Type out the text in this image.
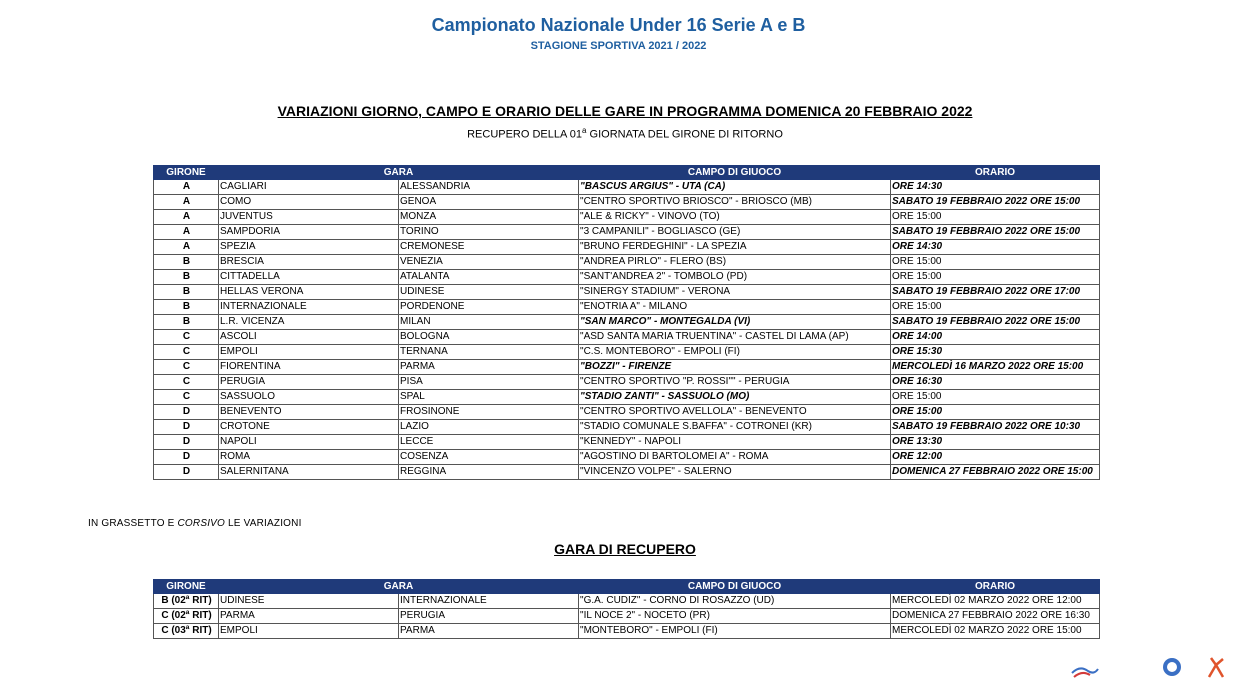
Campionato Nazionale Under 16 Serie A e B
STAGIONE SPORTIVA 2021 / 2022
VARIAZIONI GIORNO, CAMPO E ORARIO DELLE GARE IN PROGRAMMA DOMENICA 20 FEBBRAIO 2022
RECUPERO DELLA 01$^a$ GIORNATA DEL GIRONE DI RITORNO
GIRONE	GARA		CAMPO DI GIUOCO	ORARIO
A	CAGLIARI	ALESSANDRIA	"BASCUS ARGIUS" - UTA (CA)	ORE 14:30
A	COMO	GENOA	"CENTRO SPORTIVO BRIOSCO" - BRIOSCO (MB)	SABATO 19 FEBBRAIO 2022 ORE 15:00
A	JUVENTUS	MONZA	"ALE & RICKY" - VINOVO (TO)	ORE 15:00
A	SAMPDORIA	TORINO	"3 CAMPANILI" - BOGLIASCO (GE)	SABATO 19 FEBBRAIO 2022 ORE 15:00
A	SPEZIA	CREMONESE	"BRUNO FERDEGHINI" - LA SPEZIA	ORE 14:30
B	BRESCIA	VENEZIA	"ANDREA PIRLO" - FLERO (BS)	ORE 15:00
B	CITTADELLA	ATALANTA	"SANT'ANDREA 2" - TOMBOLO (PD)	ORE 15:00
B	HELLAS VERONA	UDINESE	"SINERGY STADIUM" - VERONA	SABATO 19 FEBBRAIO 2022 ORE 17:00
B	INTERNAZIONALE	PORDENONE	"ENOTRIA A" - MILANO	ORE 15:00
B	L.R. VICENZA	MILAN	"SAN MARCO" - MONTEGALDA (VI)	SABATO 19 FEBBRAIO 2022 ORE 15:00
C	ASCOLI	BOLOGNA	"ASD SANTA MARIA TRUENTINA" - CASTEL DI LAMA (AP)	ORE 14:00
C	EMPOLI	TERNANA	"C.S. MONTEBORO" - EMPOLI (FI)	ORE 15:30
C	FIORENTINA	PARMA	"BOZZI" - FIRENZE	MERCOLEDÌ 16 MARZO 2022 ORE 15:00
C	PERUGIA	PISA	"CENTRO SPORTIVO "P. ROSSI"" - PERUGIA	ORE 16:30
C	SASSUOLO	SPAL	"STADIO ZANTI" - SASSUOLO (MO)	ORE 15:00
D	BENEVENTO	FROSINONE	"CENTRO SPORTIVO AVELLOLA" - BENEVENTO	ORE 15:00
D	CROTONE	LAZIO	"STADIO COMUNALE S.BAFFA" - COTRONEI (KR)	SABATO 19 FEBBRAIO 2022 ORE 10:30
D	NAPOLI	LECCE	"KENNEDY" - NAPOLI	ORE 13:30
D	ROMA	COSENZA	"AGOSTINO DI BARTOLOMEI A" - ROMA	ORE 12:00
D	SALERNITANA	REGGINA	"VINCENZO VOLPE" - SALERNO	DOMENICA 27 FEBBRAIO 2022 ORE 15:00
IN GRASSETTO E CORSIVO LE VARIAZIONI
GARA DI RECUPERO
GIRONE	GARA		CAMPO DI GIUOCO	ORARIO
B (02ª RIT)	UDINESE	INTERNAZIONALE	"G.A. CUDIZ" - CORNO DI ROSAZZO (UD)	MERCOLEDÌ 02 MARZO 2022 ORE 12:00
C (02ª RIT)	PARMA	PERUGIA	"IL NOCE 2" - NOCETO (PR)	DOMENICA 27 FEBBRAIO 2022 ORE 16:30
C (03ª RIT)	EMPOLI	PARMA	"MONTEBORO" - EMPOLI (FI)	MERCOLEDÌ 02 MARZO 2022 ORE 15:00
